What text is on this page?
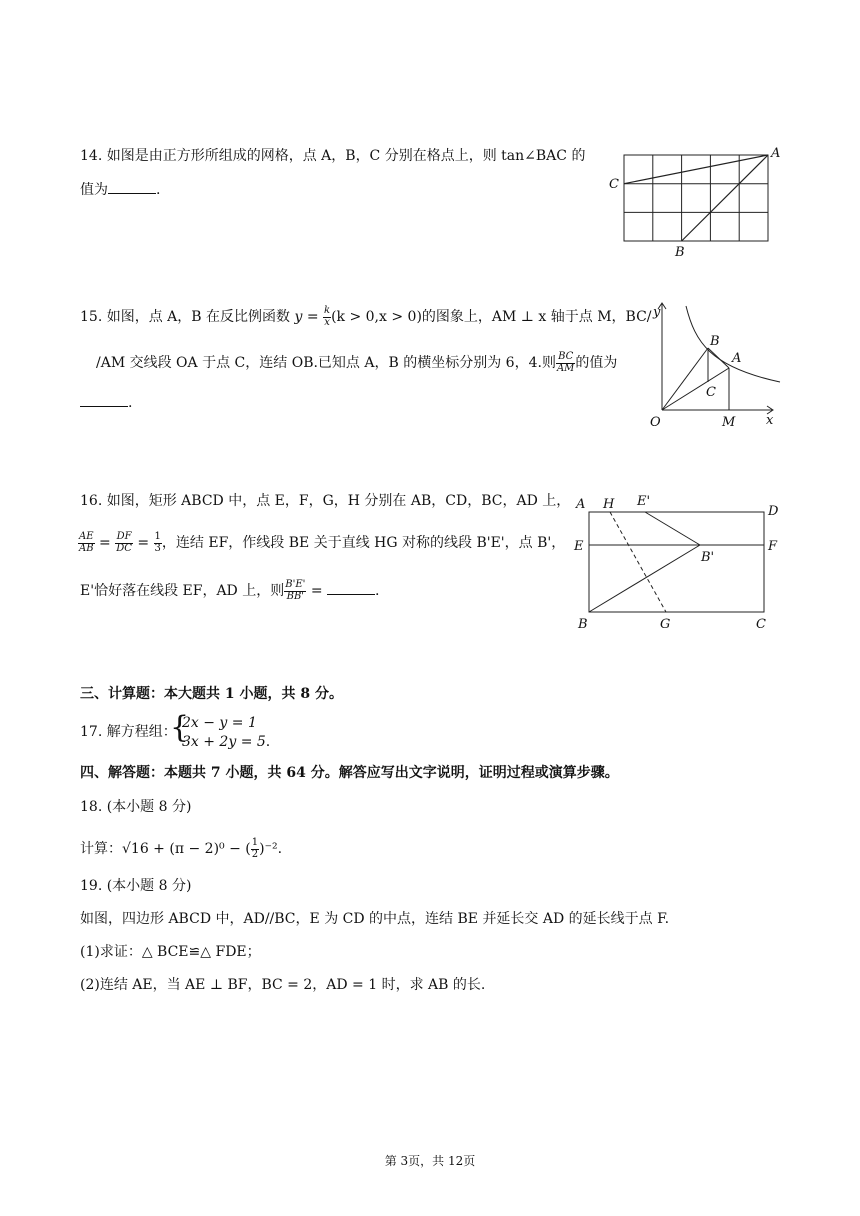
14. 如图是由正方形所组成的网格，点 A，B，C 分别在格点上，则 tan∠BAC 的
值为	.
A
C
B
15. 如图，点 A，B 在反比例函数 $y = \frac{k}{x} (k > 0,x > 0)$的图象上，AM ⊥ x 轴于点 M，BC/
/AM 交线段 OA 于点 C，连结 OB.已知点 A，B 的横坐标分别为 6，4.则 $\frac{BC}{AM}$ 的值为
.
y
x
O	M
B
A
C
16. 如图，矩形 ABCD 中，点 E，F，G，H 分别在 AB，CD，BC，AD 上，
$\frac{AE}{AB} = \frac{DF}{DC} = \frac{1}{3}$ ，连结 EF，作线段 BE 关于直线 HG 对称的线段 B'E'，点 B'，
E'恰好落在线段 EF，AD 上，则 $\frac{B'E'}{BB'}$ =	.
A H E'
D
E
B'
F
B	G	C
三、计算题：本大题共 1 小题，共 8 分。
17. 解方程组：
{
2x − y = 1
3x + 2y = 5.
四、解答题：本题共 7 小题，共 64 分。解答应写出文字说明，证明过程或演算步骤。
18. (本小题 8 分)
计算：√16 + (π − 2)⁰ − ( $\frac{1}{2} )^{-2}$.
19. (本小题 8 分)
如图，四边形 ABCD 中，AD//BC，E 为 CD 的中点，连结 BE 并延长交 AD 的延长线于点 F.
(1)求证：△ BCE≌△ FDE；
(2)连结 AE，当 AE ⊥ BF，BC = 2，AD = 1 时，求 AB 的长.
第 3页，共 12页
